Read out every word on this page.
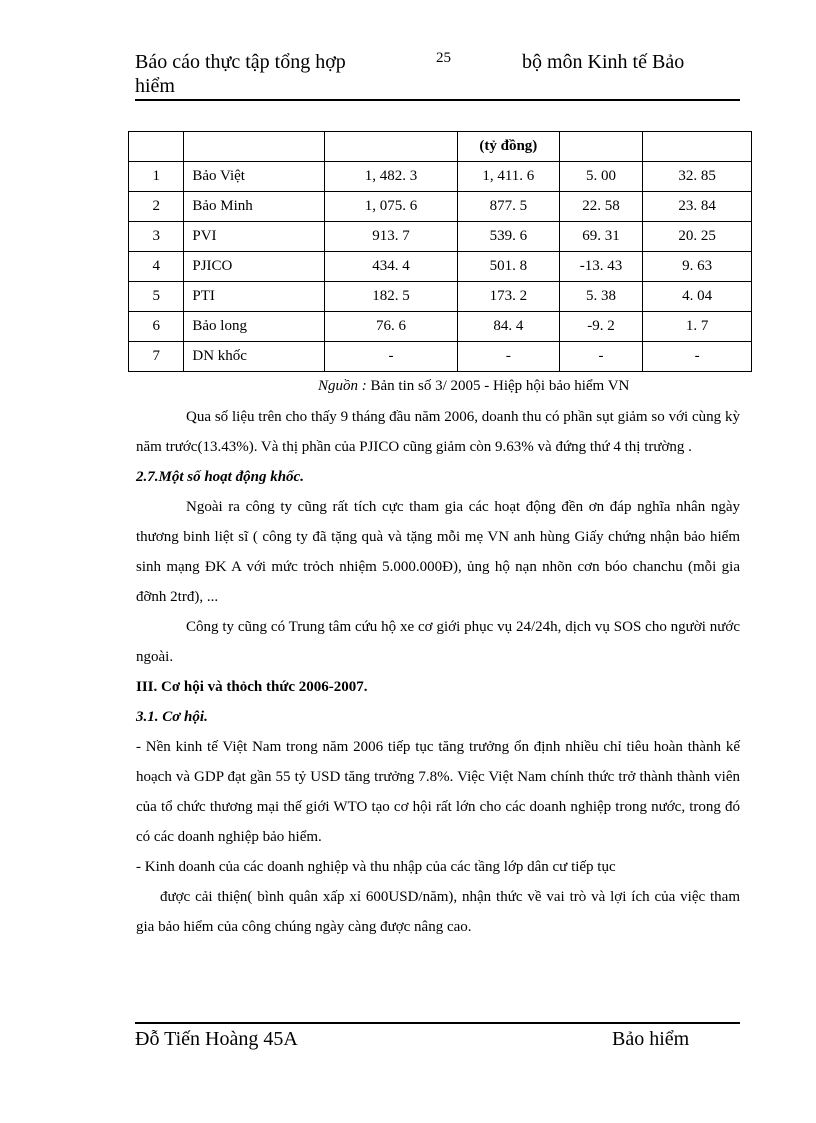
Báo cáo thực tập tổng hợp hiểm
25	bộ môn Kinh tế Bảo
			(tỷ đồng)		
1	Bảo Việt	1, 482. 3	1, 411. 6	5. 00	32. 85
2	Bảo Minh	1, 075. 6	877. 5	22. 58	23. 84
3	PVI	913. 7	539. 6	69. 31	20. 25
4	PJICO	434. 4	501. 8	-13. 43	9. 63
5	PTI	182. 5	173. 2	5. 38	4. 04
6	Bảo long	76. 6	84. 4	-9. 2	1. 7
7	DN khốc	-	-	-	-
Nguồn : Bản tin số 3/ 2005 - Hiệp hội bảo hiểm VN

Qua số liệu trên cho thấy 9 tháng đầu năm 2006, doanh thu có phần sụt giảm so với cùng kỳ năm trước(13.43%). Và thị phần của PJICO cũng giảm còn 9.63% và đứng thứ 4 thị trường .

2.7.Một số hoạt động khốc.

Ngoài ra công ty cũng rất tích cực tham gia các hoạt động đền ơn đáp nghĩa nhân ngày thương binh liệt sĩ ( công ty đã tặng quà và tặng mỗi mẹ VN anh hùng Giấy chứng nhận bảo hiểm sinh mạng ĐK A với mức trỏch nhiệm 5.000.000Đ), ủng hộ nạn nhõn cơn bóo chanchu (mỗi gia đỡnh 2trđ), ...

Công ty cũng có Trung tâm cứu hộ xe cơ giới phục vụ 24/24h, dịch vụ SOS cho người nước ngoài.

III. Cơ hội và thỏch thức 2006-2007.

3.1. Cơ hội.

- Nền kinh tế Việt Nam trong năm 2006 tiếp tục tăng trưởng ổn định nhiều chỉ tiêu hoàn thành kế hoạch và GDP đạt gần 55 tỷ USD tăng trưởng 7.8%. Việc Việt Nam chính thức trở thành thành viên của tổ chức thương mại thế giới WTO tạo cơ hội rất lớn cho các doanh nghiệp trong nước, trong đó có các doanh nghiệp bảo hiểm.

- Kinh doanh của các doanh nghiệp và thu nhập của các tầng lớp dân cư tiếp tục

được cải thiện( bình quân xấp xỉ 600USD/năm), nhận thức về vai trò và lợi ích của việc tham gia bảo hiểm của công chúng ngày càng được nâng cao.

Đỗ Tiến Hoàng 45A	Bảo hiểm
